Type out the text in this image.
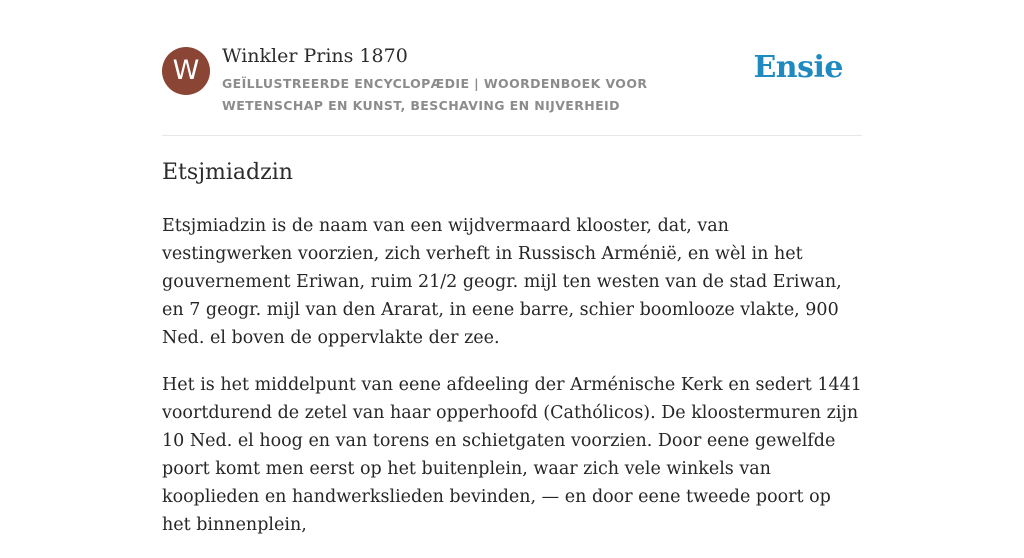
W	Winkler Prins 1870
GEÏLLUSTREERDE ENCYCLOPÆDIE | WOORDENBOEK VOOR WETENSCHAP EN KUNST, BESCHAVING EN NIJVERHEID
Ensie
Etsjmiadzin

Etsjmiadzin is de naam van een wijdvermaard klooster, dat, van vestingwerken voorzien, zich verheft in Russisch Arménië, en wèl in het gouvernement Eriwan, ruim 21/2 geogr. mijl ten westen van de stad Eriwan, en 7 geogr. mijl van den Ararat, in eene barre, schier boomlooze vlakte, 900 Ned. el boven de oppervlakte der zee.

Het is het middelpunt van eene afdeeling der Arménische Kerk en sedert 1441 voortdurend de zetel van haar opperhoofd (Cathólicos). De kloostermuren zijn 10 Ned. el hoog en van torens en schietgaten voorzien. Door eene gewelfde poort komt men eerst op het buitenplein, waar zich vele winkels van kooplieden en handwerkslieden bevinden, — en door eene tweede poort op het binnenplein,
